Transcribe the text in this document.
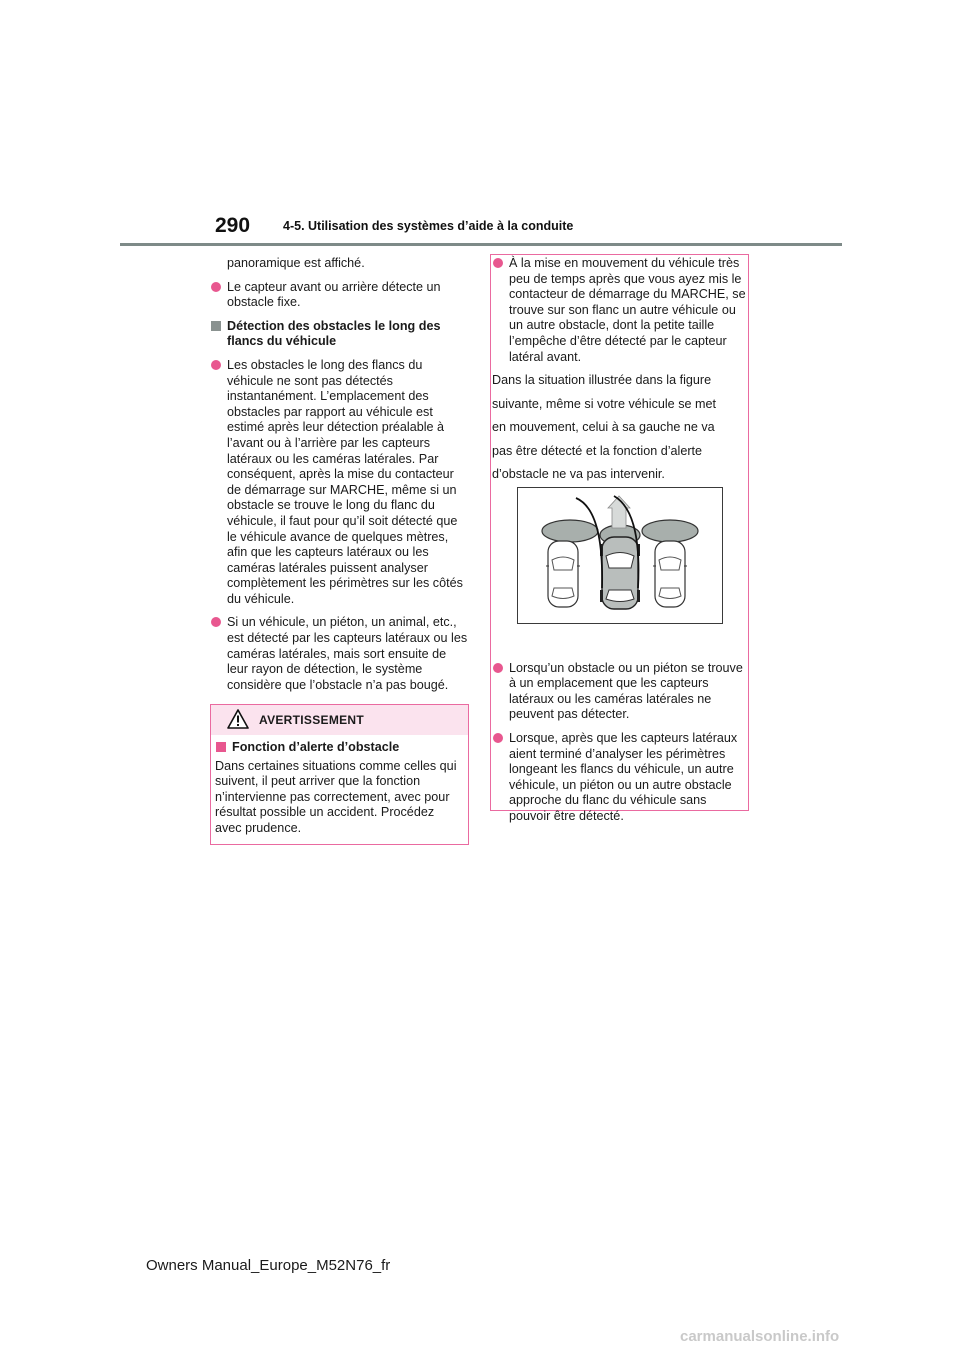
290	4-5. Utilisation des systèmes d’aide à la conduite

panoramique est affiché.

Le capteur avant ou arrière détecte un obstacle fixe.
Détection des obstacles le long des flancs du véhicule
Les obstacles le long des flancs du véhicule ne sont pas détectés instantanément. L’emplacement des obstacles par rapport au véhicule est estimé après leur détection préalable à l’avant ou à l’arrière par les capteurs latéraux ou les caméras latérales. Par conséquent, après la mise du contacteur de démarrage sur MARCHE, même si un obstacle se trouve le long du flanc du véhicule, il faut pour qu’il soit détecté que le véhicule avance de quelques mètres, afin que les capteurs latéraux ou les caméras latérales puissent analyser complètement les périmètres sur les côtés du véhicule.
Si un véhicule, un piéton, un animal, etc., est détecté par les capteurs latéraux ou les caméras latérales, mais sort ensuite de leur rayon de détection, le système considère que l’obstacle n’a pas bougé.
AVERTISSEMENT
Fonction d’alerte d’obstacle
Dans certaines situations comme celles qui suivent, il peut arriver que la fonction n’intervienne pas correctement, avec pour résultat possible un accident. Procédez avec prudence.
À la mise en mouvement du véhicule très peu de temps après que vous ayez mis le contacteur de démarrage du MARCHE, se trouve sur son flanc un autre véhicule ou un autre obstacle, dont la petite taille l’empêche d’être détecté par le capteur latéral avant.
Dans la situation illustrée dans la figure
suivante, même si votre véhicule se met
en mouvement, celui à sa gauche ne va
pas être détecté et la fonction d’alerte
d’obstacle ne va pas intervenir.
Lorsqu’un obstacle ou un piéton se trouve à un emplacement que les capteurs latéraux ou les caméras latérales ne peuvent pas détecter.
Lorsque, après que les capteurs latéraux aient terminé d’analyser les périmètres longeant les flancs du véhicule, un autre véhicule, un piéton ou un autre obstacle approche du flanc du véhicule sans pouvoir être détecté.
Owners Manual_Europe_M52N76_fr
carmanualsonline.info
